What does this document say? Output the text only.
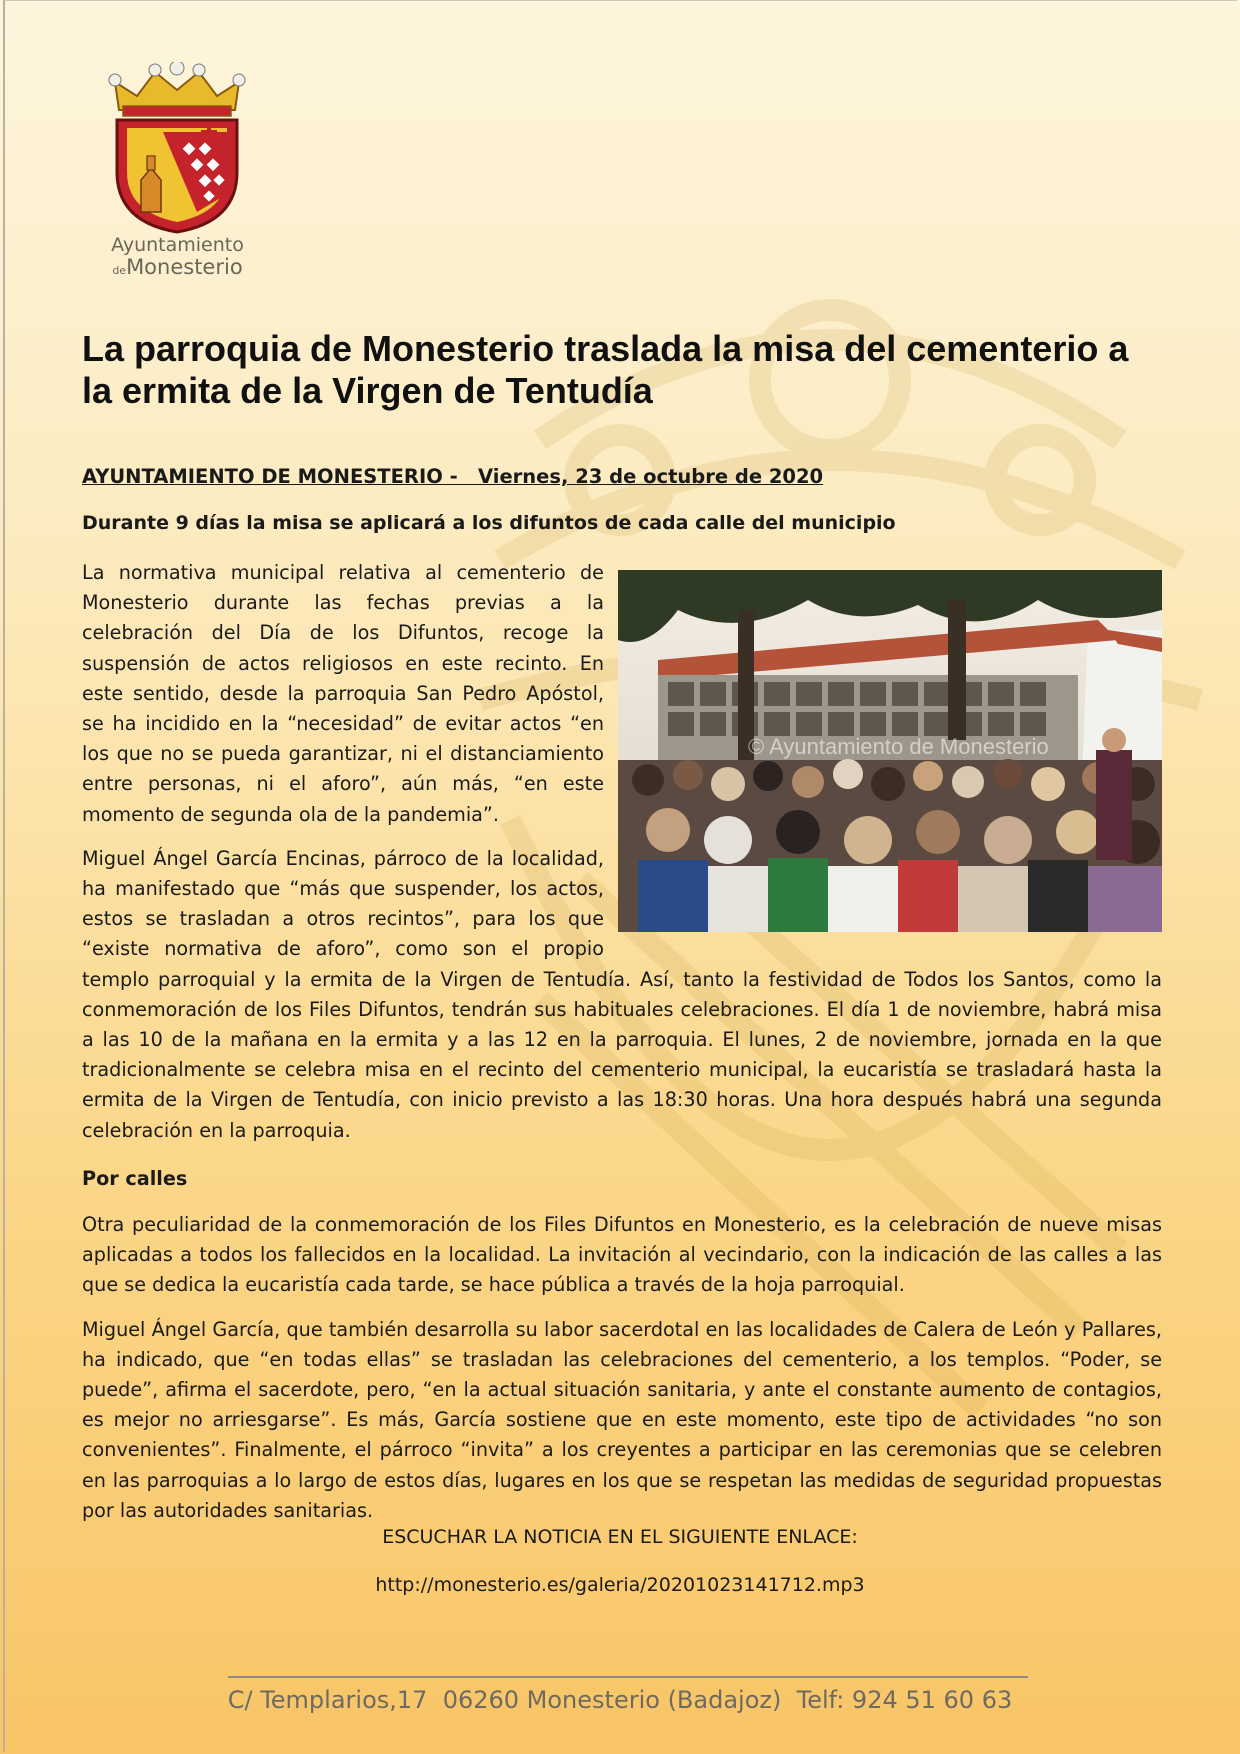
Ayuntamiento
deMonesterio
La parroquia de Monesterio traslada la misa del cementerio a la ermita de la Virgen de Tentudía

AYUNTAMIENTO DE MONESTERIO -   Viernes, 23 de octubre de 2020

Durante 9 días la misa se aplicará a los difuntos de cada calle del municipio

© Ayuntamiento de Monesterio

La normativa municipal relativa al cementerio de Monesterio durante las fechas previas a la celebración del Día de los Difuntos, recoge la suspensión de actos religiosos en este recinto. En este sentido, desde la parroquia San Pedro Apóstol, se ha incidido en la “necesidad” de evitar actos “en los que no se pueda garantizar, ni el distanciamiento entre personas, ni el aforo”, aún más, “en este momento de segunda ola de la pandemia”.

Miguel Ángel García Encinas, párroco de la localidad, ha manifestado que “más que suspender, los actos, estos se trasladan a otros recintos”, para los que “existe normativa de aforo”, como son el propio templo parroquial y la ermita de la Virgen de Tentudía. Así, tanto la festividad de Todos los Santos, como la conmemoración de los Files Difuntos, tendrán sus habituales celebraciones. El día 1 de noviembre, habrá misa a las 10 de la mañana en la ermita y a las 12 en la parroquia. El lunes, 2 de noviembre, jornada en la que tradicionalmente se celebra misa en el recinto del cementerio municipal, la eucaristía se trasladará hasta la ermita de la Virgen de Tentudía, con inicio previsto a las 18:30 horas. Una hora después habrá una segunda celebración en la parroquia.

Por calles

Otra peculiaridad de la conmemoración de los Files Difuntos en Monesterio, es la celebración de nueve misas aplicadas a todos los fallecidos en la localidad. La invitación al vecindario, con la indicación de las calles a las que se dedica la eucaristía cada tarde, se hace pública a través de la hoja parroquial.

Miguel Ángel García, que también desarrolla su labor sacerdotal en las localidades de Calera de León y Pallares, ha indicado, que “en todas ellas” se trasladan las celebraciones del cementerio, a los templos. “Poder, se puede”, afirma el sacerdote, pero, “en la actual situación sanitaria, y ante el constante aumento de contagios, es mejor no arriesgarse”. Es más, García sostiene que en este momento, este tipo de actividades “no son convenientes”. Finalmente, el párroco “invita” a los creyentes a participar en las ceremonias que se celebren en las parroquias a lo largo de estos días, lugares en los que se respetan las medidas de seguridad propuestas por las autoridades sanitarias.

ESCUCHAR LA NOTICIA EN EL SIGUIENTE ENLACE:

http://monesterio.es/galeria/20201023141712.mp3

C/ Templarios,17  06260 Monesterio (Badajoz)  Telf: 924 51 60 63
